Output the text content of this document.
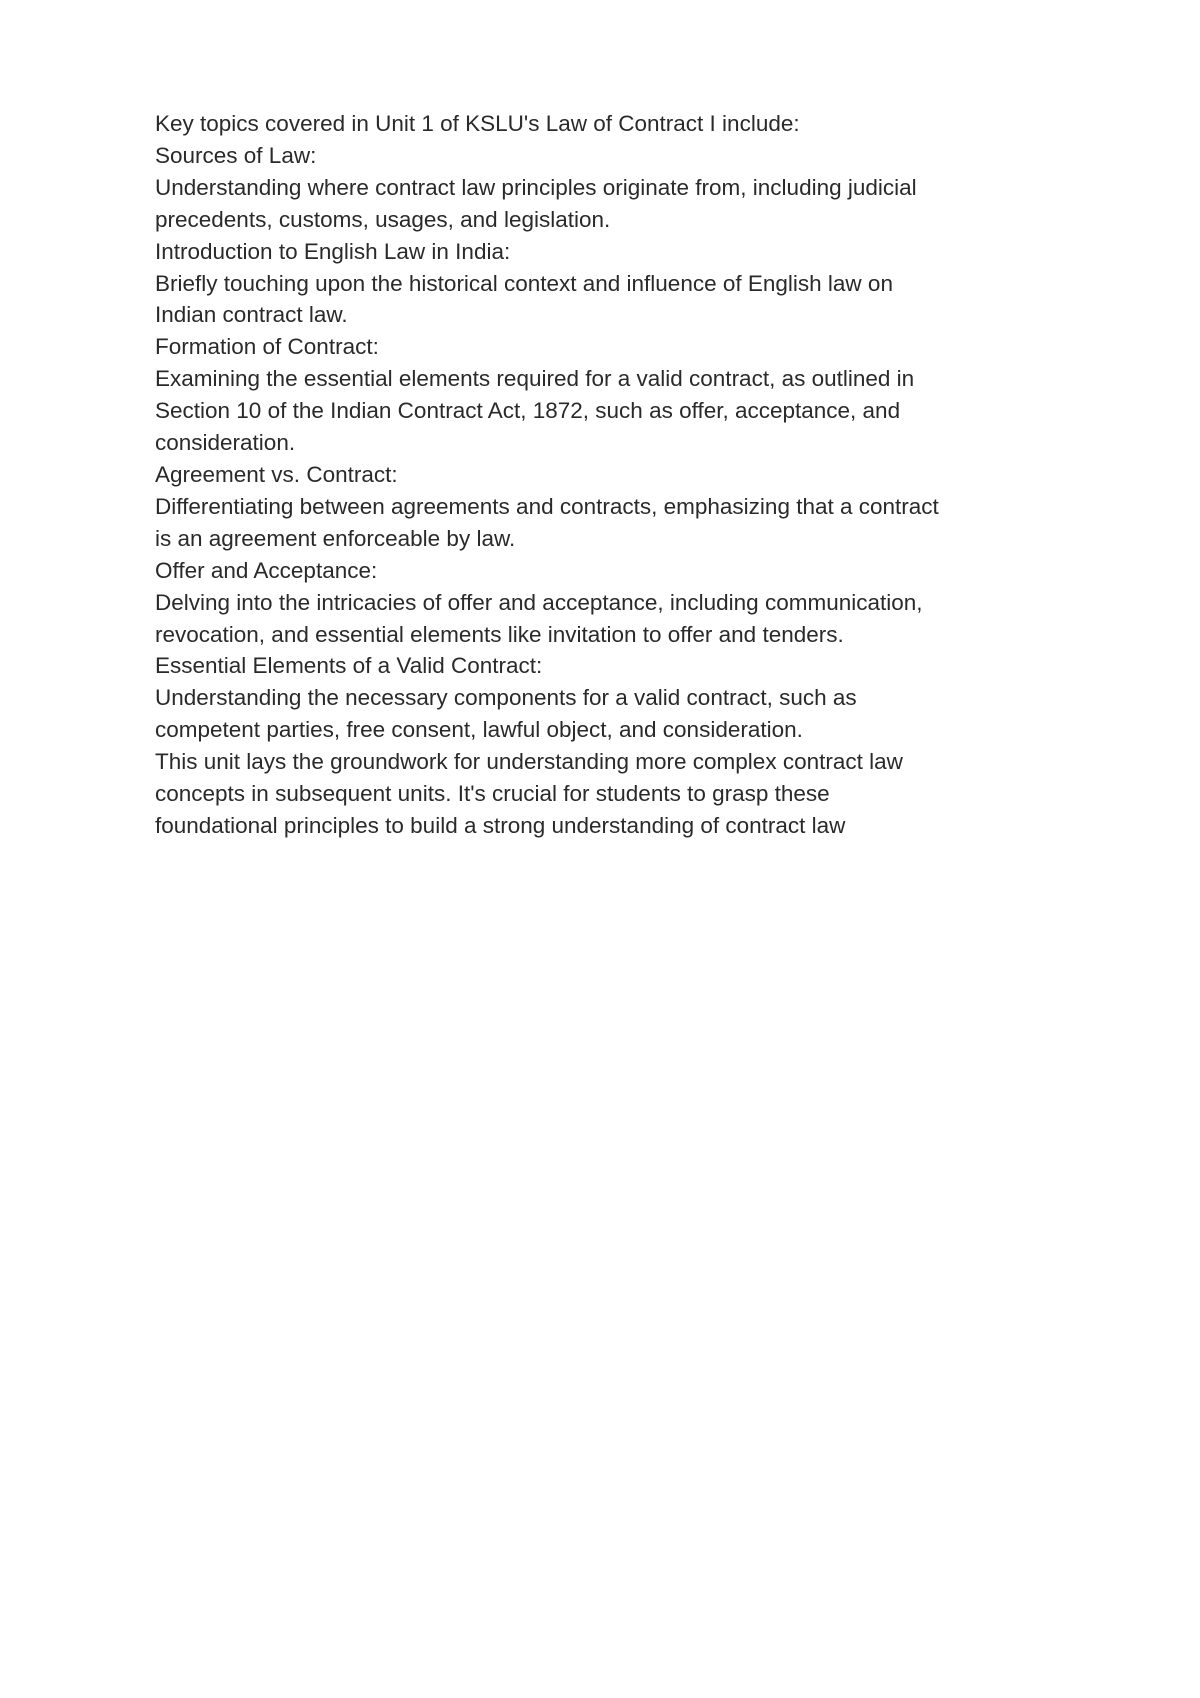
Key topics covered in Unit 1 of KSLU's Law of Contract I include:
Sources of Law:
Understanding where contract law principles originate from, including judicial
precedents, customs, usages, and legislation.
Introduction to English Law in India:
Briefly touching upon the historical context and influence of English law on
Indian contract law.
Formation of Contract:
Examining the essential elements required for a valid contract, as outlined in
Section 10 of the Indian Contract Act, 1872, such as offer, acceptance, and
consideration.
Agreement vs. Contract:
Differentiating between agreements and contracts, emphasizing that a contract
is an agreement enforceable by law.
Offer and Acceptance:
Delving into the intricacies of offer and acceptance, including communication,
revocation, and essential elements like invitation to offer and tenders.
Essential Elements of a Valid Contract:
Understanding the necessary components for a valid contract, such as
competent parties, free consent, lawful object, and consideration.
This unit lays the groundwork for understanding more complex contract law
concepts in subsequent units. It's crucial for students to grasp these
foundational principles to build a strong understanding of contract law
